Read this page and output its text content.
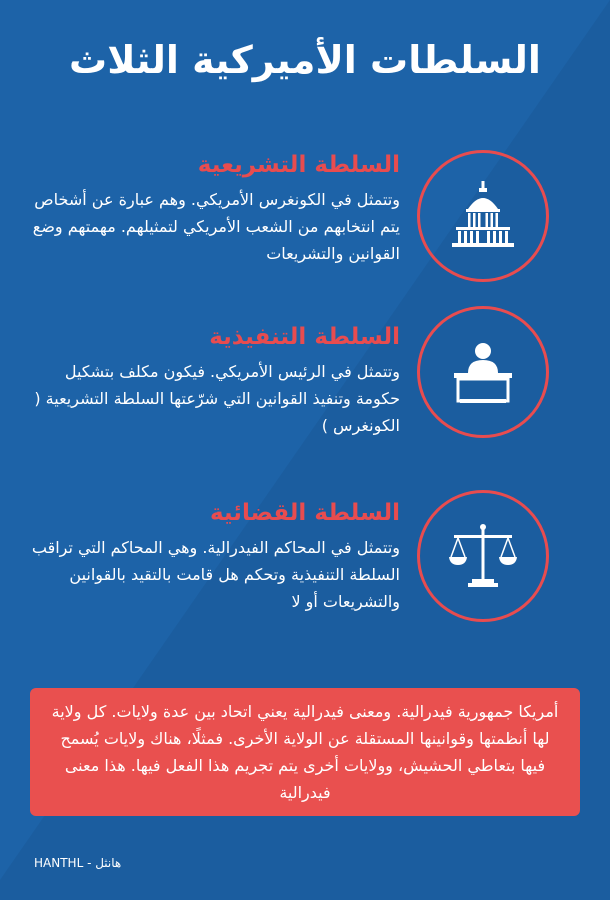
السلطات الأميركية الثلاث

السلطة التشريعية

وتتمثل في الكونغرس الأمريكي. وهم عبارة عن أشخاص يتم انتخابهم من الشعب الأمريكي لتمثيلهم. مهمتهم وضع القوانين والتشريعات

السلطة التنفيذية

وتتمثل في الرئيس الأمريكي. فيكون مكلف بتشكيل حكومة وتنفيذ القوانين التي شرّعتها السلطة التشريعية ( الكونغرس )

السلطة القضائية

وتتمثل في المحاكم الفيدرالية. وهي المحاكم التي تراقب السلطة التنفيذية وتحكم هل قامت بالتقيد بالقوانين والتشريعات أو لا

أمريكا جمهورية فيدرالية. ومعنى فيدرالية يعني اتحاد بين عدة ولايات. كل ولاية لها أنظمتها وقوانينها المستقلة عن الولاية الأخرى. فمثلًا، هناك ولايات يُسمح فيها بتعاطي الحشيش، وولايات أخرى يتم تجريم هذا الفعل فيها. هذا معنى فيدرالية
HANTHL - هانثل
